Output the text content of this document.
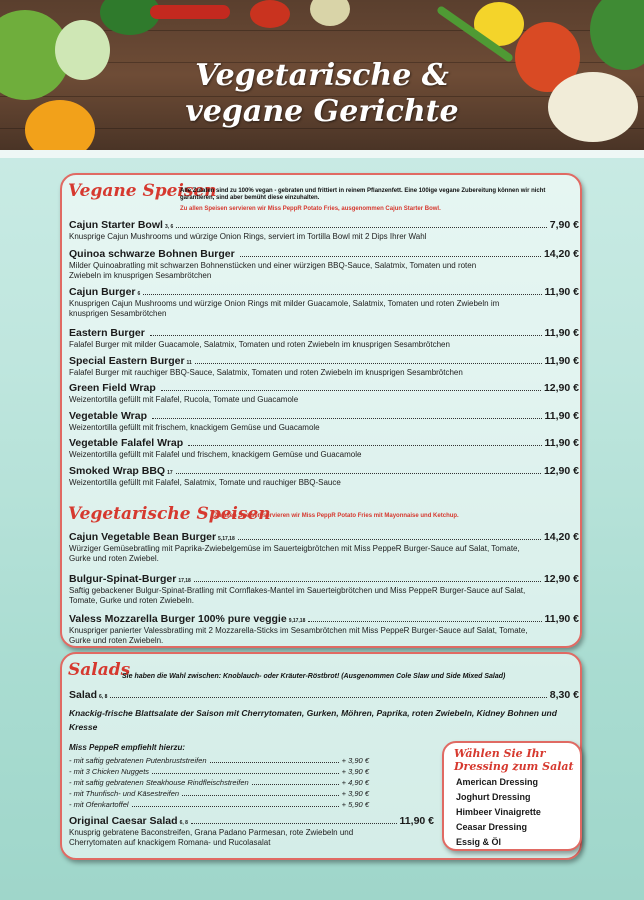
Vegetarische &
vegane Gerichte
Vegane Speisen
Alle Zutaten sind zu 100% vegan - gebraten und frittiert in reinem Pflanzenfett. Eine 100ige vegane Zubereitung können wir nicht garantieren, sind aber bemüht diese einzuhalten.
Zu allen Speisen servieren wir Miss PeppR Potato Fries, ausgenommen Cajun Starter Bowl.
Cajun Starter Bowl 3, 6	7,90 €
Knusprige Cajun Mushrooms und würzige Onion Rings, serviert im Tortilla Bowl mit 2 Dips Ihrer Wahl
Quinoa schwarze Bohnen Burger	14,20 €
Milder Quinoabratling mit schwarzen Bohnenstücken und einer würzigen BBQ-Sauce, Salatmix, Tomaten und roten Zwiebeln im knusprigen Sesambrötchen
Cajun Burger 6	11,90 €
Knusprigen Cajun Mushrooms und würzige Onion Rings mit milder Guacamole, Salatmix, Tomaten und roten Zwiebeln im knusprigen Sesambrötchen
Eastern Burger	11,90 €
Falafel Burger mit milder Guacamole, Salatmix, Tomaten und roten Zwiebeln im knusprigen Sesambrötchen
Special Eastern Burger 11	11,90 €
Falafel Burger mit rauchiger BBQ-Sauce, Salatmix, Tomaten und roten Zwiebeln im knusprigen Sesambrötchen
Green Field Wrap	12,90 €
Weizentortilla gefüllt mit Falafel, Rucola, Tomate und Guacamole
Vegetable Wrap	11,90 €
Weizentortilla gefüllt mit frischem, knackigem Gemüse und Guacamole
Vegetable Falafel Wrap	11,90 €
Weizentortilla gefüllt mit Falafel und frischem, knackigem Gemüse und Guacamole
Smoked Wrap BBQ 17	12,90 €
Weizentortilla gefüllt mit Falafel, Salatmix, Tomate und rauchiger BBQ-Sauce
Vegetarische Speisen
Zu allen Speisen servieren wir Miss PeppR Potato Fries mit Mayonnaise und Ketchup.
Cajun Vegetable Bean Burger 5,17,18	14,20 €
Würziger Gemüsebratling mit Paprika-Zwiebelgemüse im Sauerteigbrötchen mit Miss PeppeR Burger-Sauce auf Salat, Tomate, Gurke und roten Zwiebel.
Bulgur-Spinat-Burger 17,18	12,90 €
Saftig gebackener Bulgur-Spinat-Bratling mit Cornflakes-Mantel im Sauerteigbrötchen und Miss PeppeR Burger-Sauce auf Salat, Tomate, Gurke und roten Zwiebeln.
Valess Mozzarella Burger 100% pure veggie 9,17,18	11,90 €
Knuspriger panierter Valessbratling mit 2 Mozzarella-Sticks im Sesambrötchen mit Miss PeppeR Burger-Sauce auf Salat, Tomate, Gurke und roten Zwiebeln.
Salads
Sie haben die Wahl zwischen: Knoblauch- oder Kräuter-Röstbrot! (Ausgenommen Cole Slaw und Side Mixed Salad)
Salad 6, 8	8,30 €
Knackig-frische Blattsalate der Saison mit Cherrytomaten, Gurken, Möhren, Paprika, roten Zwiebeln, Kidney Bohnen und Kresse
Miss PeppeR empfiehlt hierzu:
- mit saftig gebratenen Putenbruststreifen	+ 3,90 €
- mit 3 Chicken Nuggets	+ 3,90 €
- mit saftig gebratenen Steakhouse Rindfleischstreifen	+ 4,90 €
- mit Thunfisch- und Käsestreifen	+ 3,90 €
- mit Ofenkartoffel	+ 5,90 €
Original Caesar Salad 6, 8	11,90 €
Knusprig gebratene Baconstreifen, Grana Padano Parmesan, rote Zwiebeln und Cherrytomaten auf knackigem Romana- und Rucolasalat
Wählen Sie Ihr
Dressing zum Salat
American Dressing
Joghurt Dressing
Himbeer Vinaigrette
Ceasar Dressing
Essig & Öl
